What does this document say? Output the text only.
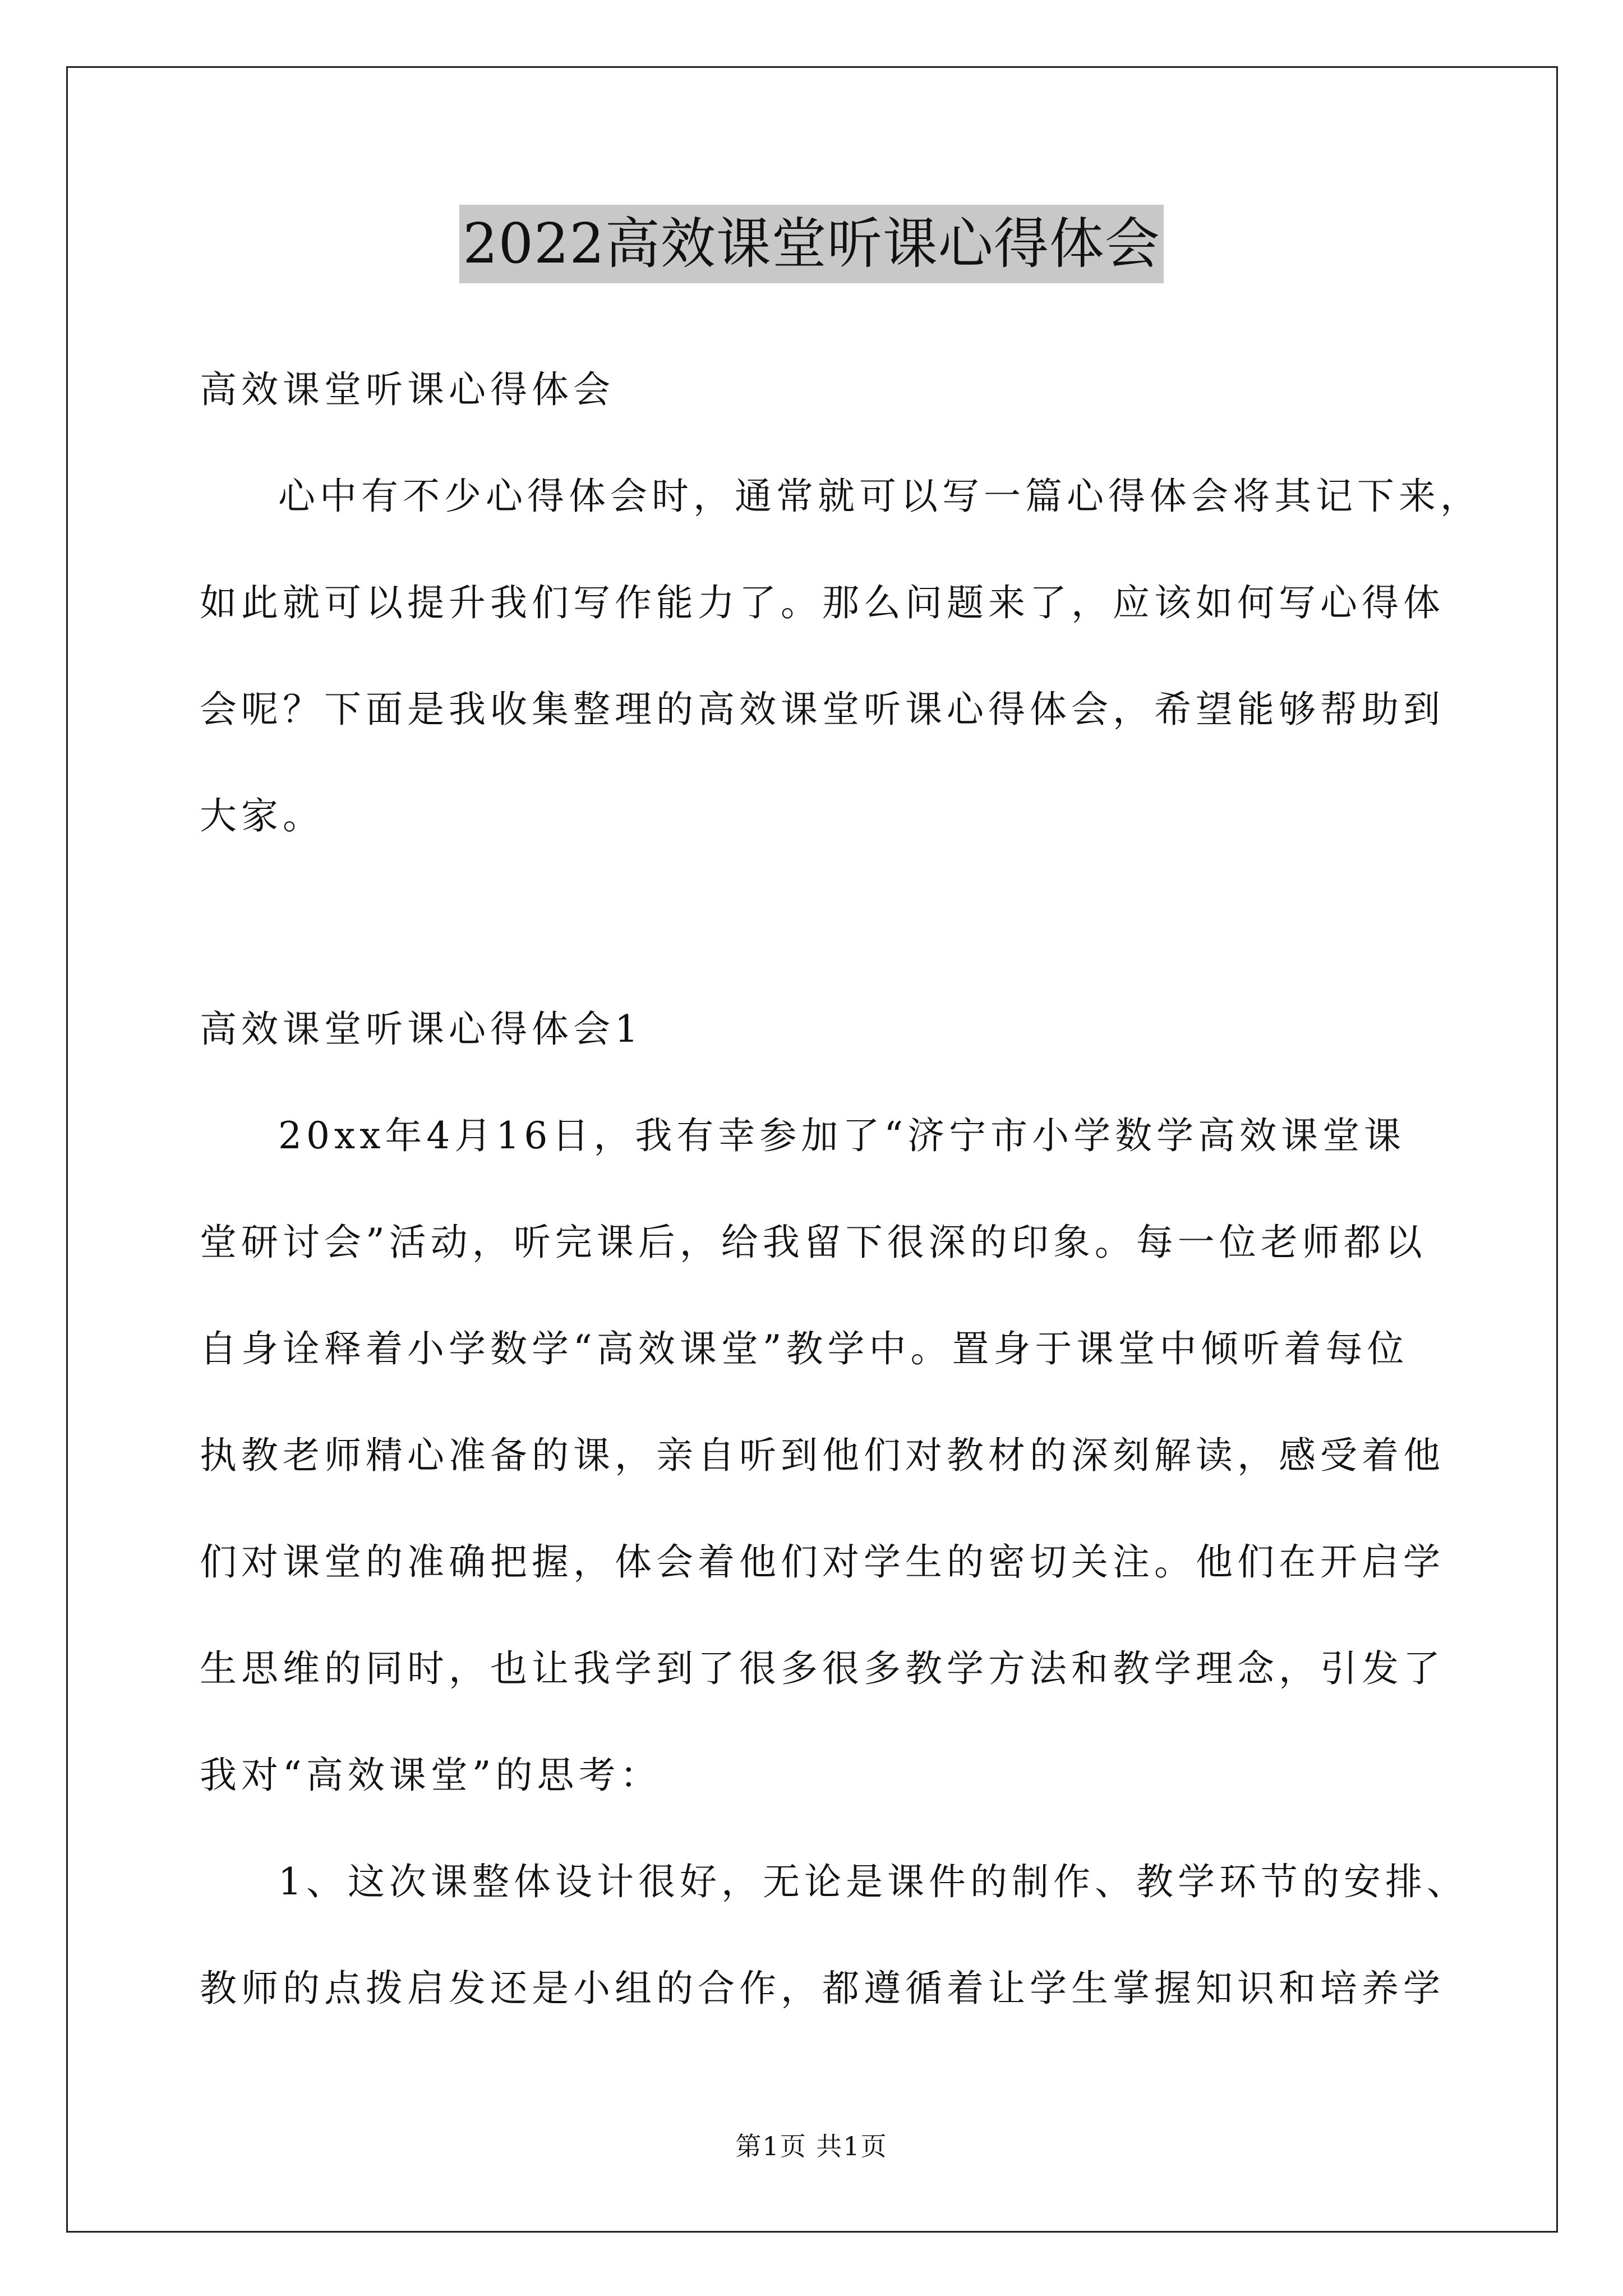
2022高效课堂听课心得体会

高效课堂听课心得体会

心中有不少心得体会时，通常就可以写一篇心得体会将其记下来，

如此就可以提升我们写作能力了。那么问题来了，应该如何写心得体

会呢？下面是我收集整理的高效课堂听课心得体会，希望能够帮助到

大家。

高效课堂听课心得体会1

20xx年4月16日，我有幸参加了“济宁市小学数学高效课堂课

堂研讨会”活动，听完课后，给我留下很深的印象。每一位老师都以

自身诠释着小学数学“高效课堂”教学中。置身于课堂中倾听着每位

执教老师精心准备的课，亲自听到他们对教材的深刻解读，感受着他

们对课堂的准确把握，体会着他们对学生的密切关注。他们在开启学

生思维的同时，也让我学到了很多很多教学方法和教学理念，引发了

我对“高效课堂”的思考：

1、这次课整体设计很好，无论是课件的制作、教学环节的安排、

教师的点拨启发还是小组的合作，都遵循着让学生掌握知识和培养学

第1页 共1页
